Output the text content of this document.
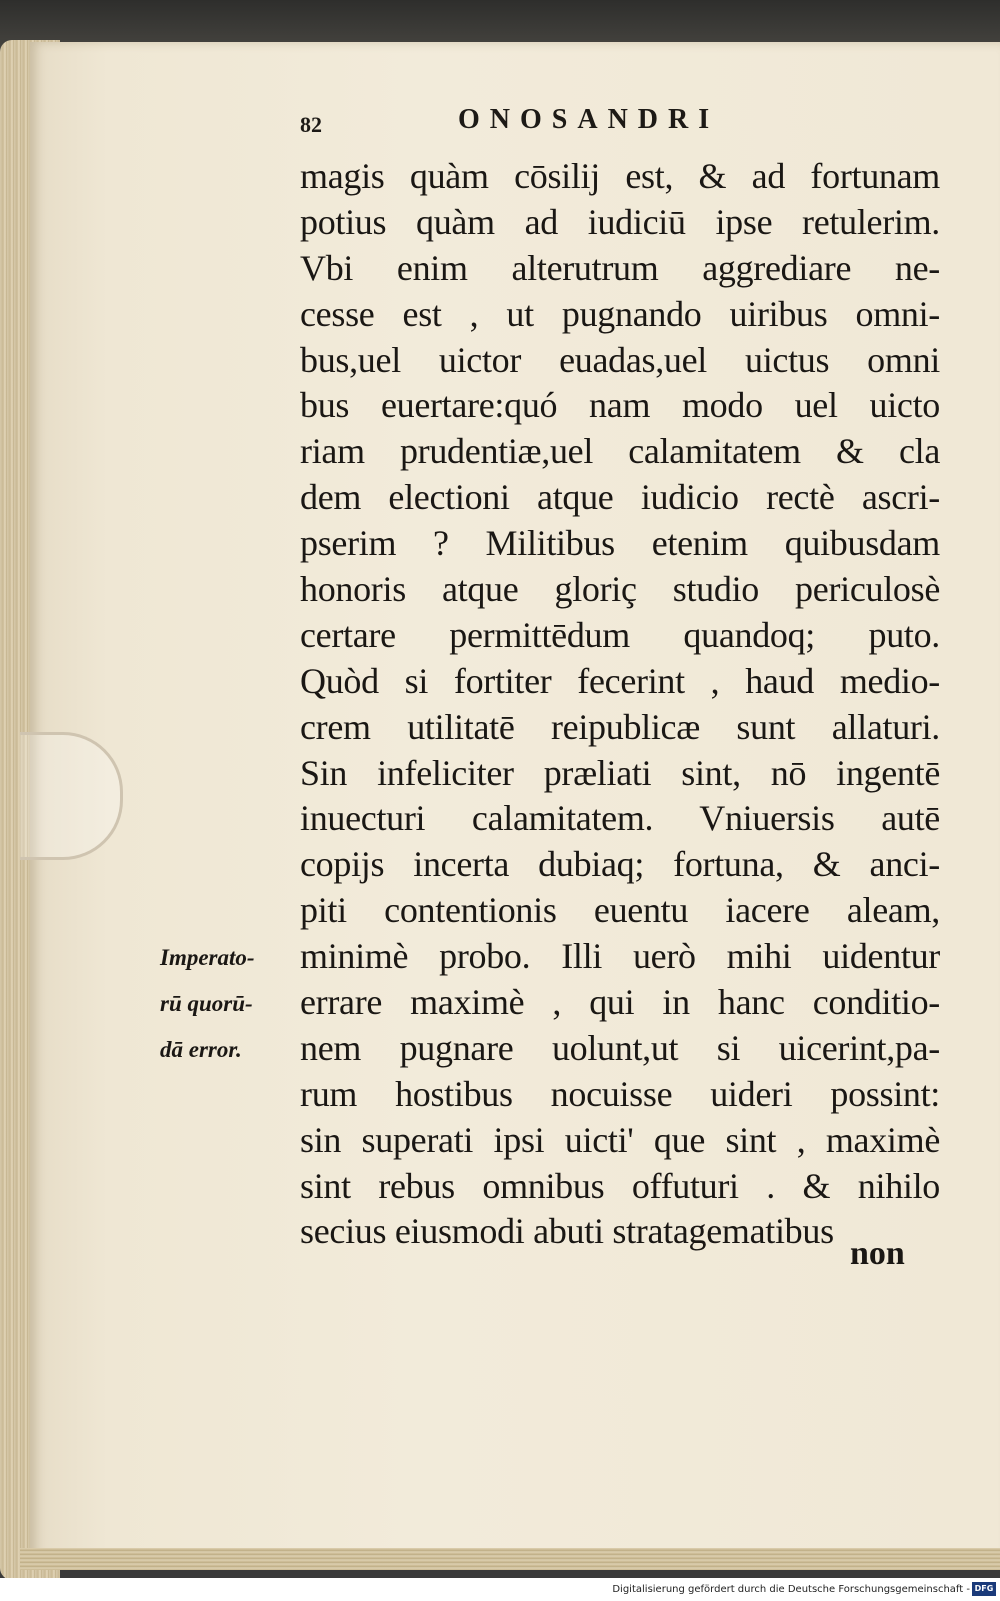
82	ONOSANDRI
magis quàm cōsilij est, & ad fortunam
potius quàm ad iudiciū ipse retulerim.
Vbi enim alterutrum aggrediare ne-
cesse est , ut pugnando uiribus omni-
bus,uel uictor euadas,uel uictus omni
bus euertare:quó nam modo uel uicto
riam prudentiæ,uel calamitatem & cla
dem electioni atque iudicio rectè ascri-
pserim ? Militibus etenim quibusdam
honoris atque gloriç studio periculosè
certare permittēdum quandoq; puto.
Quòd si fortiter fecerint , haud medio-
crem utilitatē reipublicæ sunt allaturi.
Sin infeliciter præliati sint, nō ingentē
inuecturi calamitatem. Vniuersis autē
copijs incerta dubiaq; fortuna, & anci-
piti contentionis euentu iacere aleam,
minimè probo. Illi uerò mihi uidentur
errare maximè , qui in hanc conditio-
nem pugnare uolunt,ut si uicerint,pa-
rum hostibus nocuisse uideri possint:
sin superati ipsi uicti' que sint , maximè
sint rebus omnibus offuturi . & nihilo
secius eiusmodi abuti stratagematibus
non
Imperato-
rū quorū-
dā error.
Digitalisierung gefördert durch die Deutsche Forschungsgemeinschaft - DFG
